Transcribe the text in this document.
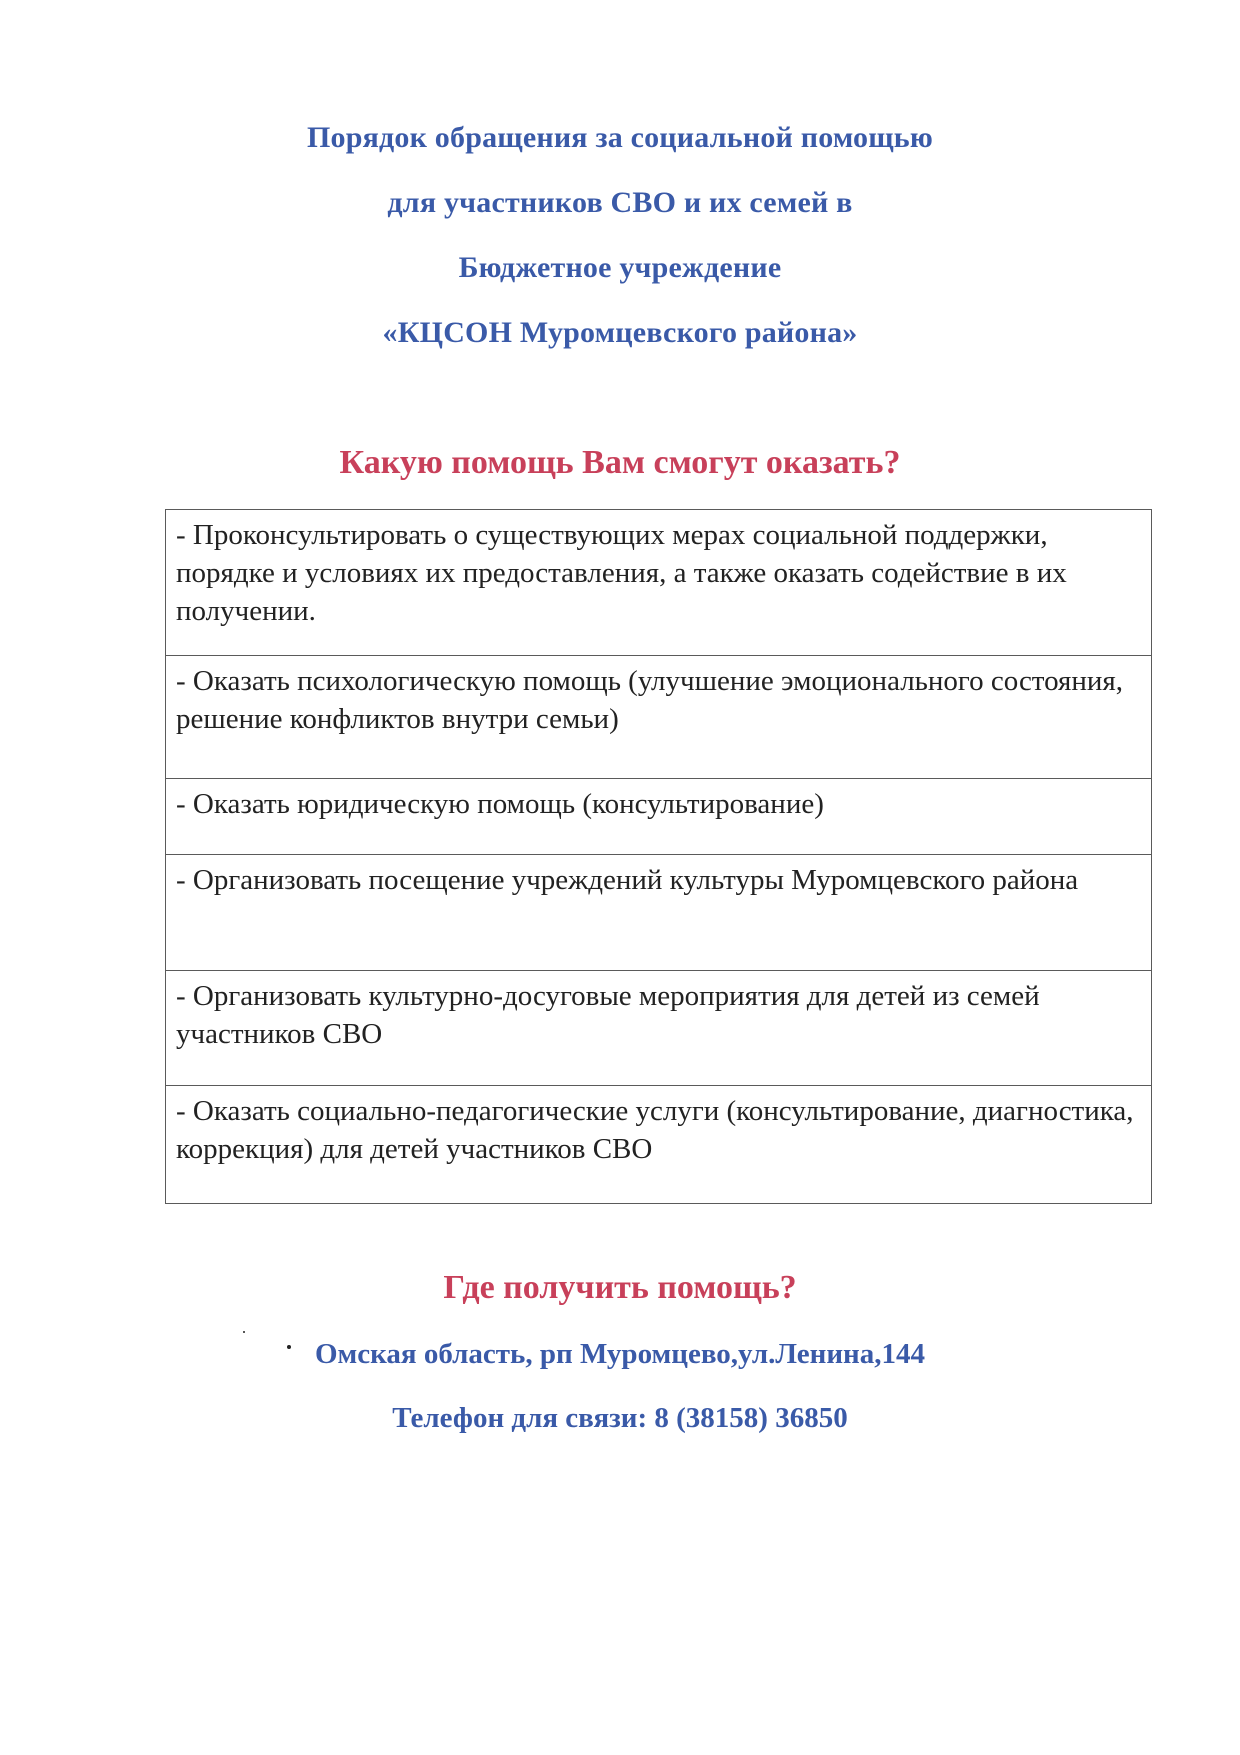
Порядок обращения за социальной помощью
для участников СВО и их семей в
Бюджетное учреждение
«КЦСОН Муромцевского района»
Какую помощь Вам смогут оказать?
- Проконсультировать о существующих мерах социальной поддержки, порядке и условиях их предоставления, а также оказать содействие в их получении.
- Оказать психологическую помощь (улучшение эмоционального состояния, решение конфликтов внутри семьи)
- Оказать юридическую помощь (консультирование)
- Организовать посещение учреждений культуры Муромцевского района
- Организовать культурно-досуговые мероприятия для детей из семей участников СВО
- Оказать социально-педагогические услуги (консультирование, диагностика, коррекция) для детей участников СВО
Где получить помощь?
Омская область, рп Муромцево,ул.Ленина,144
Телефон для связи: 8 (38158) 36850
